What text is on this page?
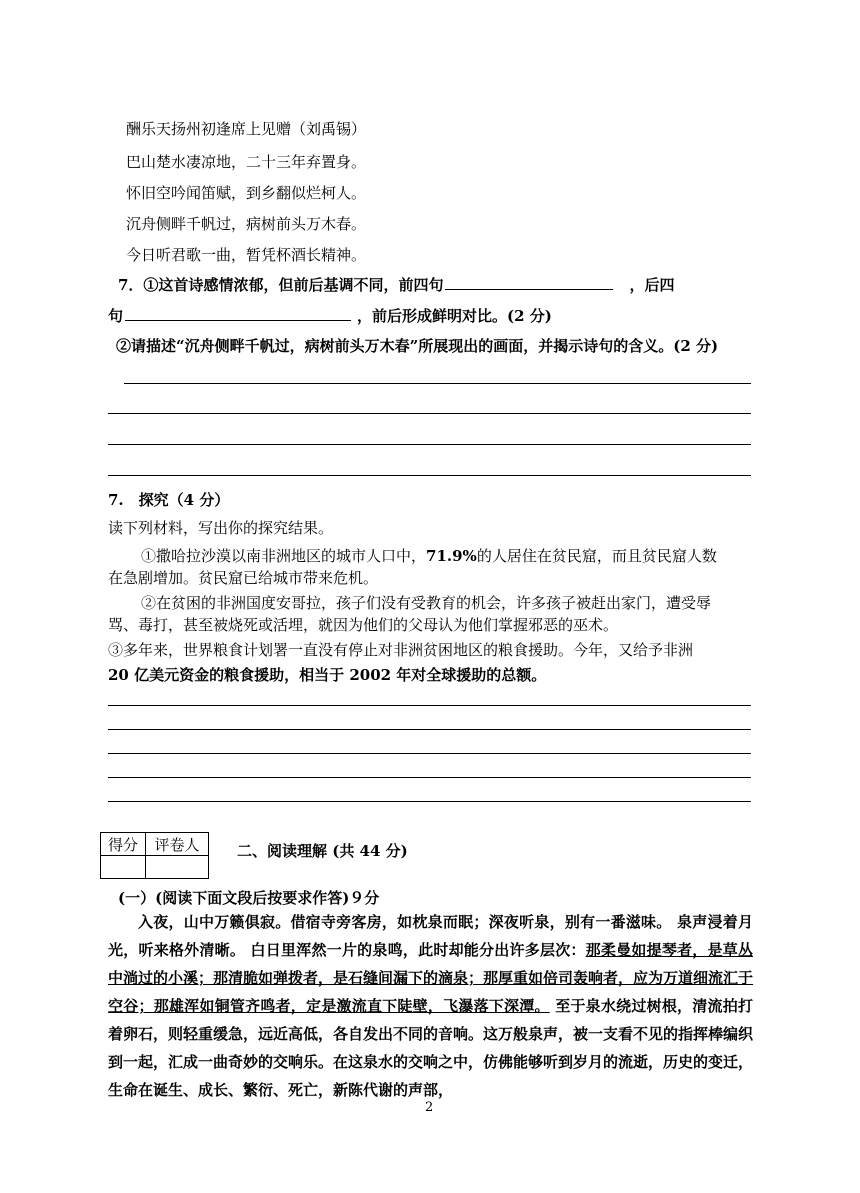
酬乐天扬州初逢席上见赠（刘禹锡）
巴山楚水凄凉地，二十三年弃置身。
怀旧空吟闻笛赋，到乡翻似烂柯人。
沉舟侧畔千帆过，病树前头万木春。
今日听君歌一曲，暂凭杯酒长精神。
7．①这首诗感情浓郁，但前后基调不同，前四句	，后四
句	，前后形成鲜明对比。(2 分)
②请描述“沉舟侧畔千帆过，病树前头万木春”所展现出的画面，并揭示诗句的含义。(2 分)
7.　探究（4 分）
读下列材料，写出你的探究结果。
①撒哈拉沙漠以南非洲地区的城市人口中，71.9%的人居住在贫民窟，而且贫民窟人数
在急剧增加。贫民窟已给城市带来危机。
②在贫困的非洲国度安哥拉，孩子们没有受教育的机会，许多孩子被赶出家门，遭受辱
骂、毒打，甚至被烧死或活埋，就因为他们的父母认为他们掌握邪恶的巫术。
③多年来，世界粮食计划署一直没有停止对非洲贫困地区的粮食援助。今年，又给予非洲
20 亿美元资金的粮食援助，相当于 2002 年对全球援助的总额。
得分	评卷人
		二、阅读理解 (共 44 分)
(一）(阅读下面文段后按要求作答)９分

入夜，山中万籁俱寂。借宿寺旁客房，如枕泉而眠；深夜听泉，别有一番滋味。 泉声浸着月光，听来格外清晰。 白日里浑然一片的泉鸣，此时却能分出许多层次：那柔曼如提琴者，是草丛中淌过的小溪；那清脆如弹拨者，是石缝间漏下的滴泉；那厚重如倍司轰响者，应为万道细流汇于空谷；那雄浑如铜管齐鸣者，定是激流直下陡壁，飞瀑落下深潭。 至于泉水绕过树根，清流拍打着卵石，则轻重缓急，远近高低，各自发出不同的音响。这万般泉声，被一支看不见的指挥棒编织到一起，汇成一曲奇妙的交响乐。在这泉水的交响之中，仿佛能够听到岁月的流逝，历史的变迁，生命在诞生、成长、繁衍、死亡，新陈代谢的声部，

2
